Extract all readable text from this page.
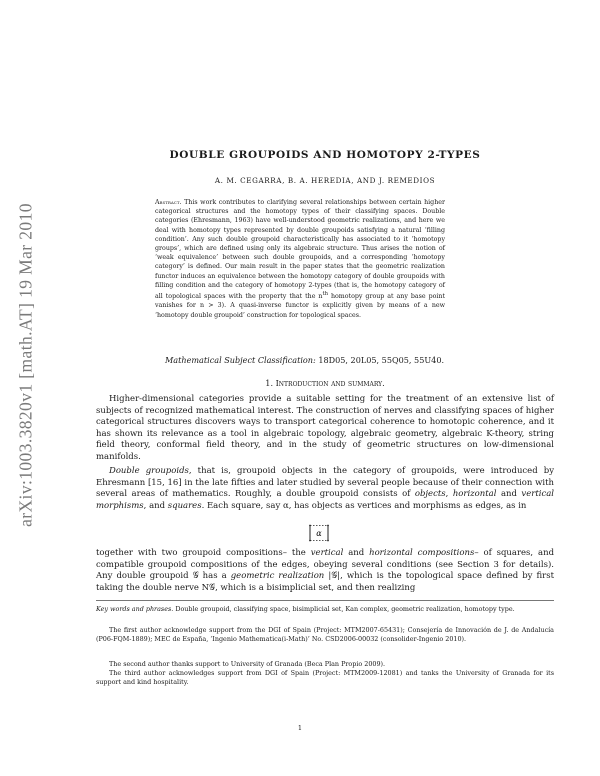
arXiv:1003.3820v1 [math.AT] 19 Mar 2010
DOUBLE GROUPOIDS AND HOMOTOPY 2-TYPES
A. M. CEGARRA, B. A. HEREDIA, AND J. REMEDIOS
Abstract. This work contributes to clarifying several relationships between certain higher categorical structures and the homotopy types of their classifying spaces. Double categories (Ehresmann, 1963) have well-understood geometric realizations, and here we deal with homotopy types represented by double groupoids satisfying a natural ‘filling condition’. Any such double groupoid characteristically has associated to it ‘homotopy groups’, which are defined using only its algebraic structure. Thus arises the notion of ‘weak equivalence’ between such double groupoids, and a corresponding ‘homotopy category’ is defined. Our main result in the paper states that the geometric realization functor induces an equivalence between the homotopy category of double groupoids with filling condition and the category of homotopy 2-types (that is, the homotopy category of all topological spaces with the property that the $n^{th}$ homotopy group at any base point vanishes for n > 3). A quasi-inverse functor is explicitly given by means of a new ‘homotopy double groupoid’ construction for topological spaces.
Mathematical Subject Classification: 18D05, 20L05, 55Q05, 55U40.
1. Introduction and summary.
Higher-dimensional categories provide a suitable setting for the treatment of an extensive list of subjects of recognized mathematical interest. The construction of nerves and classifying spaces of higher categorical structures discovers ways to transport categorical coherence to homotopic coherence, and it has shown its relevance as a tool in algebraic topology, algebraic geometry, algebraic K-theory, string field theory, conformal field theory, and in the study of geometric structures on low-dimensional manifolds.
Double groupoids, that is, groupoid objects in the category of groupoids, were introduced by Ehresmann [15, 16] in the late fifties and later studied by several people because of their connection with several areas of mathematics. Roughly, a double groupoid consists of objects, horizontal and vertical morphisms, and squares. Each square, say α, has objects as vertices and morphisms as edges, as in
α
together with two groupoid compositions– the vertical and horizontal compositions– of squares, and compatible groupoid compositions of the edges, obeying several conditions (see Section 3 for details). Any double groupoid 𝒢 has a geometric realization |𝒢|, which is the topological space defined by first taking the double nerve N𝒢, which is a bisimplicial set, and then realizing
Key words and phrases. Double groupoid, classifying space, bisimplicial set, Kan complex, geometric realization, homotopy type.
The first author acknowledge support from the DGI of Spain (Project: MTM2007-65431); Consejería de Innovación de J. de Andalucía (P06-FQM-1889); MEC de España, ‘Ingenio Mathematica(i-Math)’ No. CSD2006-00032 (consolider-Ingenio 2010).
The second author thanks support to University of Granada (Beca Plan Propio 2009).
The third author acknowledges support from DGI of Spain (Project: MTM2009-12081) and tanks the University of Granada for its support and kind hospitality.
1
